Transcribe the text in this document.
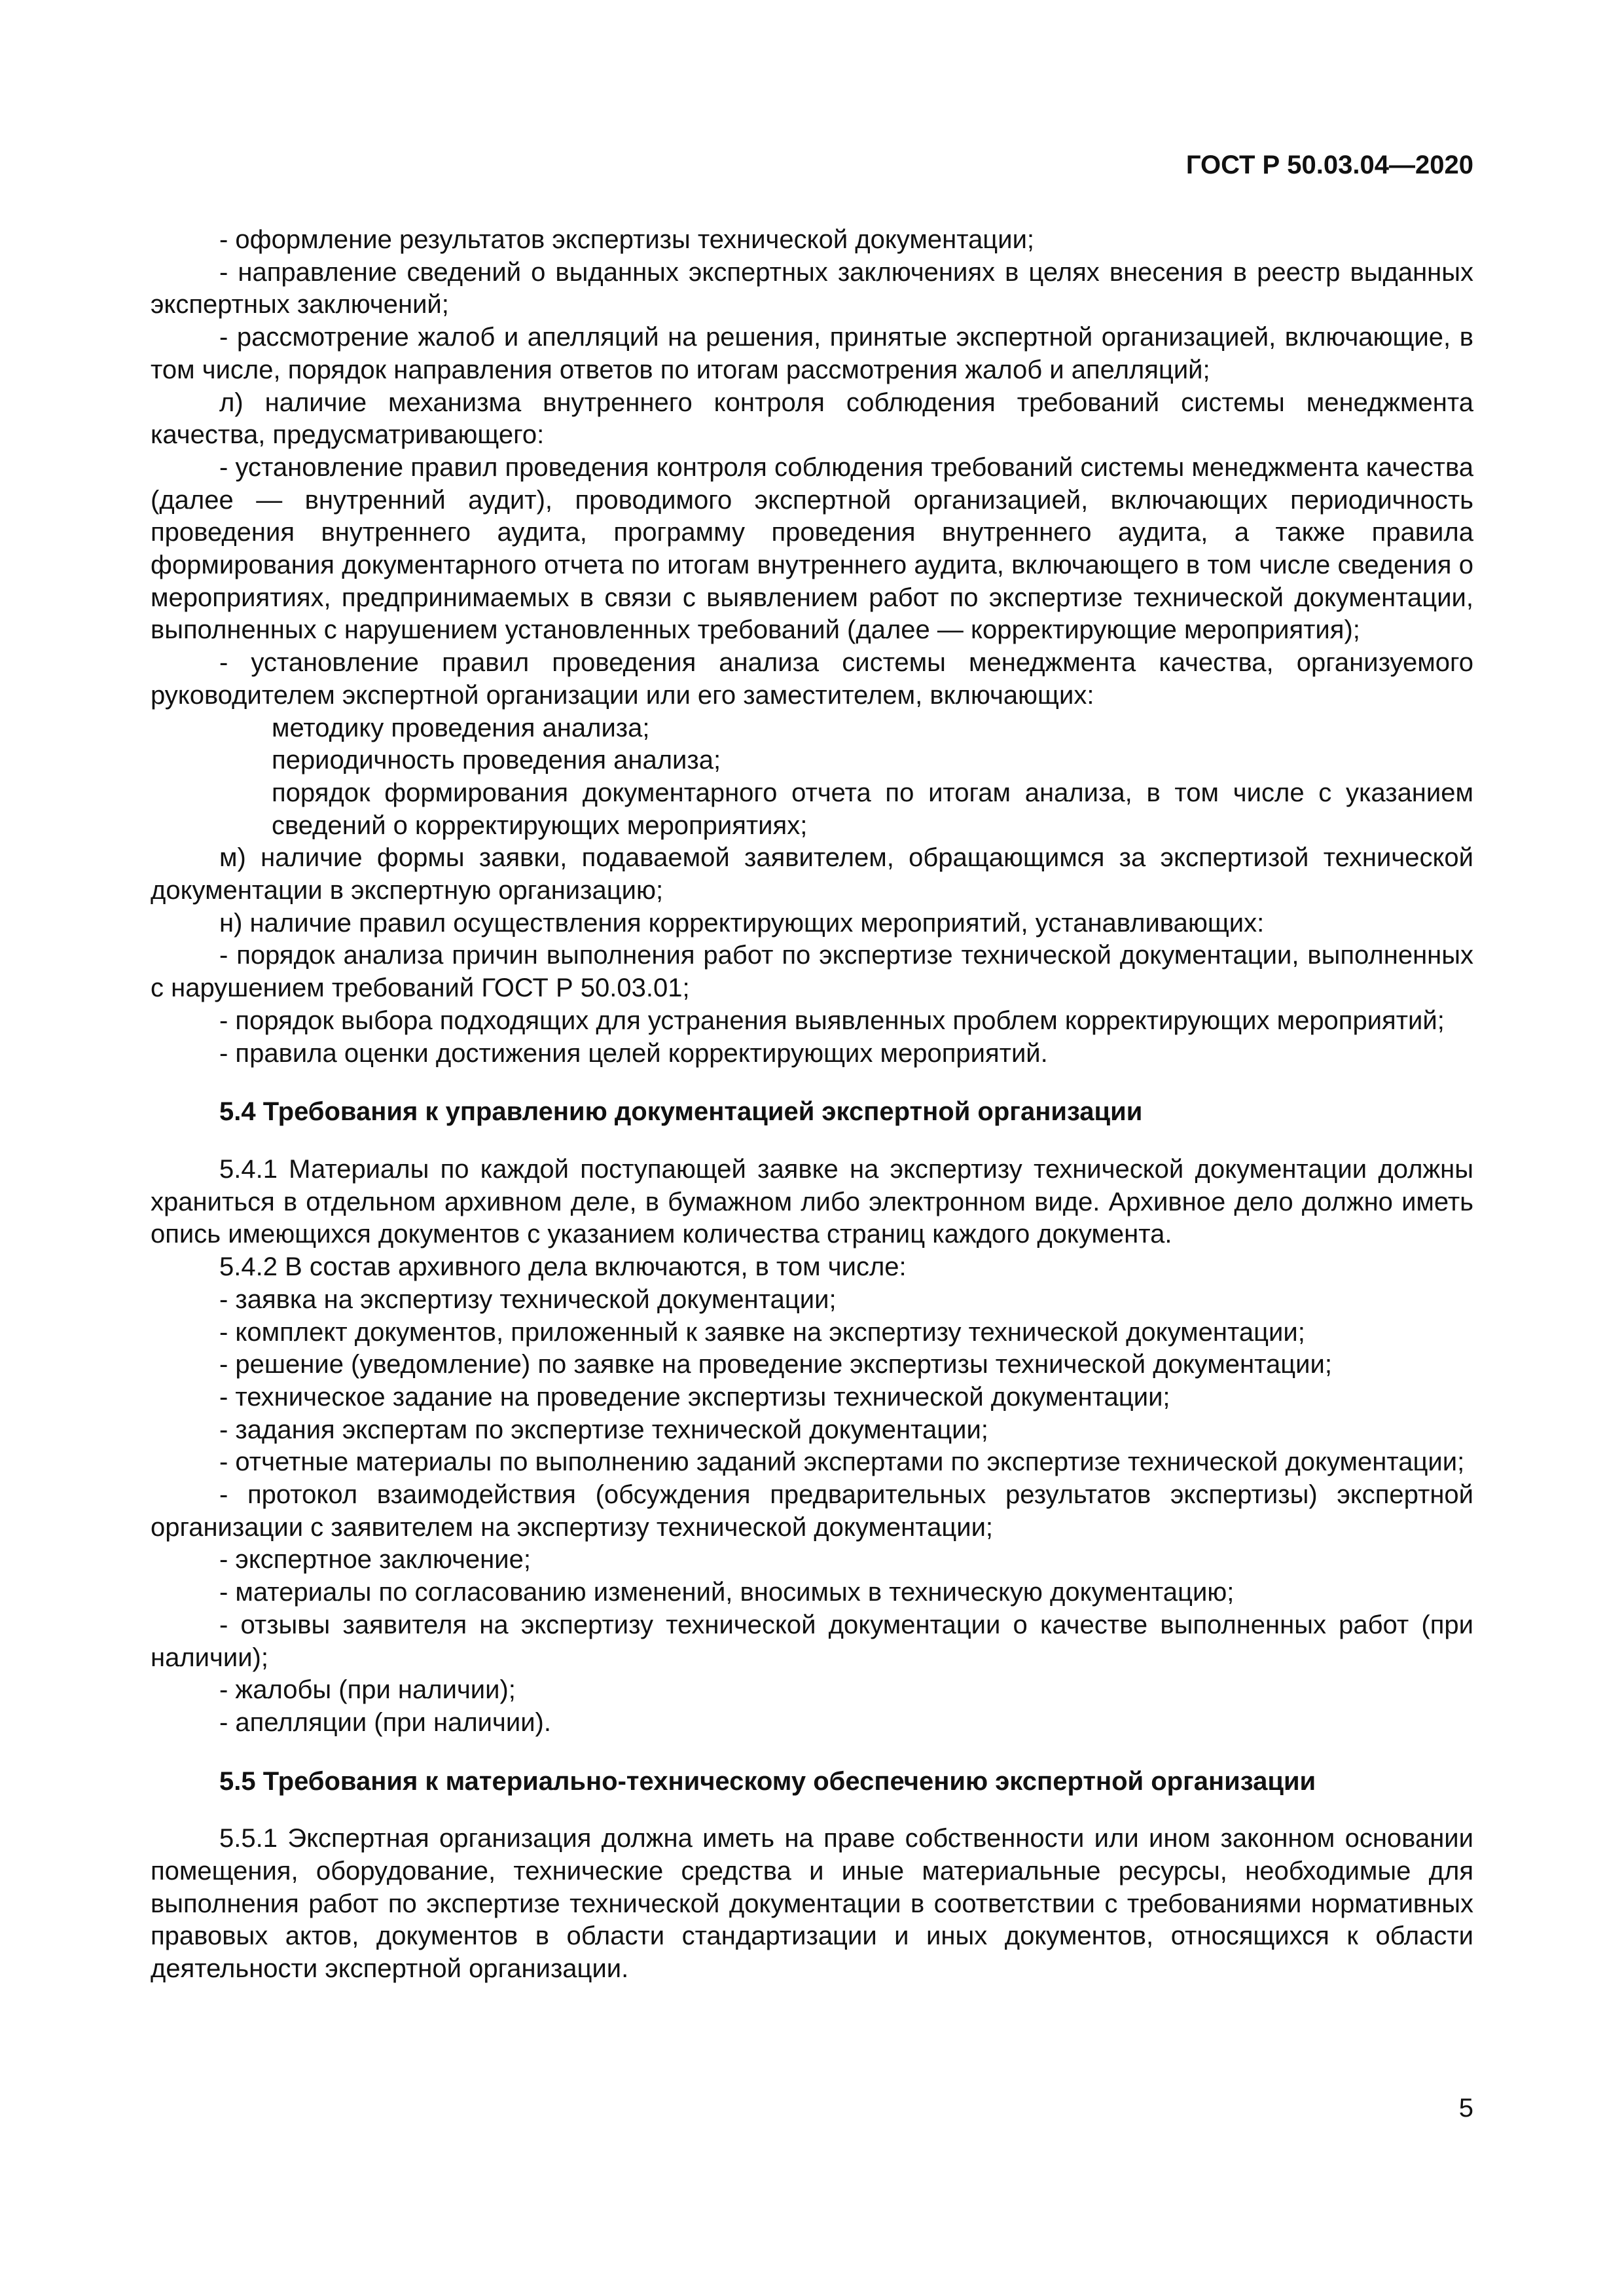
ГОСТ Р 50.03.04—2020

- оформление результатов экспертизы технической документации;

- направление сведений о выданных экспертных заключениях в целях внесения в реестр выданных экспертных заключений;

- рассмотрение жалоб и апелляций на решения, принятые экспертной организацией, включающие, в том числе, порядок направления ответов по итогам рассмотрения жалоб и апелляций;

л) наличие механизма внутреннего контроля соблюдения требований системы менеджмента качества, предусматривающего:

- установление правил проведения контроля соблюдения требований системы менеджмента качества (далее — внутренний аудит), проводимого экспертной организацией, включающих периодичность проведения внутреннего аудита, программу проведения внутреннего аудита, а также правила формирования документарного отчета по итогам внутреннего аудита, включающего в том числе сведения о мероприятиях, предпринимаемых в связи с выявлением работ по экспертизе технической документации, выполненных с нарушением установленных требований (далее — корректирующие мероприятия);

- установление правил проведения анализа системы менеджмента качества, организуемого руководителем экспертной организации или его заместителем, включающих:

методику проведения анализа;

периодичность проведения анализа;

порядок формирования документарного отчета по итогам анализа, в том числе с указанием сведений о корректирующих мероприятиях;

м) наличие формы заявки, подаваемой заявителем, обращающимся за экспертизой технической документации в экспертную организацию;

н) наличие правил осуществления корректирующих мероприятий, устанавливающих:

- порядок анализа причин выполнения работ по экспертизе технической документации, выполненных с нарушением требований ГОСТ Р 50.03.01;

- порядок выбора подходящих для устранения выявленных проблем корректирующих мероприятий;

- правила оценки достижения целей корректирующих мероприятий.

5.4 Требования к управлению документацией экспертной организации

5.4.1 Материалы по каждой поступающей заявке на экспертизу технической документации должны храниться в отдельном архивном деле, в бумажном либо электронном виде. Архивное дело должно иметь опись имеющихся документов с указанием количества страниц каждого документа.

5.4.2 В состав архивного дела включаются, в том числе:

- заявка на экспертизу технической документации;

- комплект документов, приложенный к заявке на экспертизу технической документации;

- решение (уведомление) по заявке на проведение экспертизы технической документации;

- техническое задание на проведение экспертизы технической документации;

- задания экспертам по экспертизе технической документации;

- отчетные материалы по выполнению заданий экспертами по экспертизе технической документации;

- протокол взаимодействия (обсуждения предварительных результатов экспертизы) экспертной организации с заявителем на экспертизу технической документации;

- экспертное заключение;

- материалы по согласованию изменений, вносимых в техническую документацию;

- отзывы заявителя на экспертизу технической документации о качестве выполненных работ (при наличии);

- жалобы (при наличии);

- апелляции (при наличии).

5.5 Требования к материально-техническому обеспечению экспертной организации

5.5.1 Экспертная организация должна иметь на праве собственности или ином законном основании помещения, оборудование, технические средства и иные материальные ресурсы, необходимые для выполнения работ по экспертизе технической документации в соответствии с требованиями нормативных правовых актов, документов в области стандартизации и иных документов, относящихся к области деятельности экспертной организации.

5
